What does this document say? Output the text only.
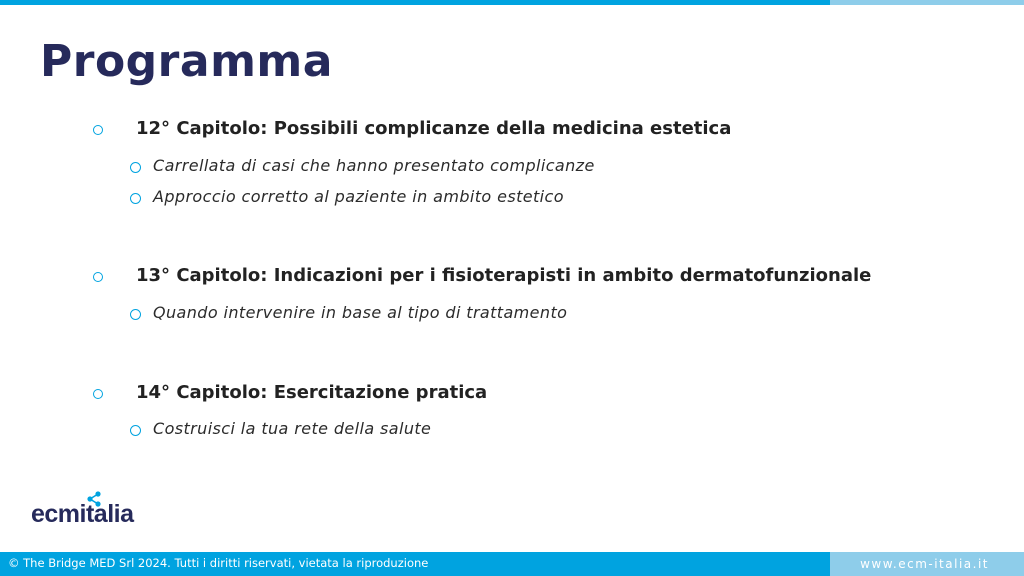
Programma
12° Capitolo: Possibili complicanze della medicina estetica
Carrellata di casi che hanno presentato complicanze
Approccio corretto al paziente in ambito estetico
13° Capitolo: Indicazioni per i fisioterapisti in ambito dermatofunzionale
Quando intervenire in base al tipo di trattamento
14° Capitolo: Esercitazione pratica
Costruisci la tua rete della salute
ecmitalia
© The Bridge MED Srl 2024. Tutti i diritti riservati, vietata la riproduzione	www.ecm-italia.it
